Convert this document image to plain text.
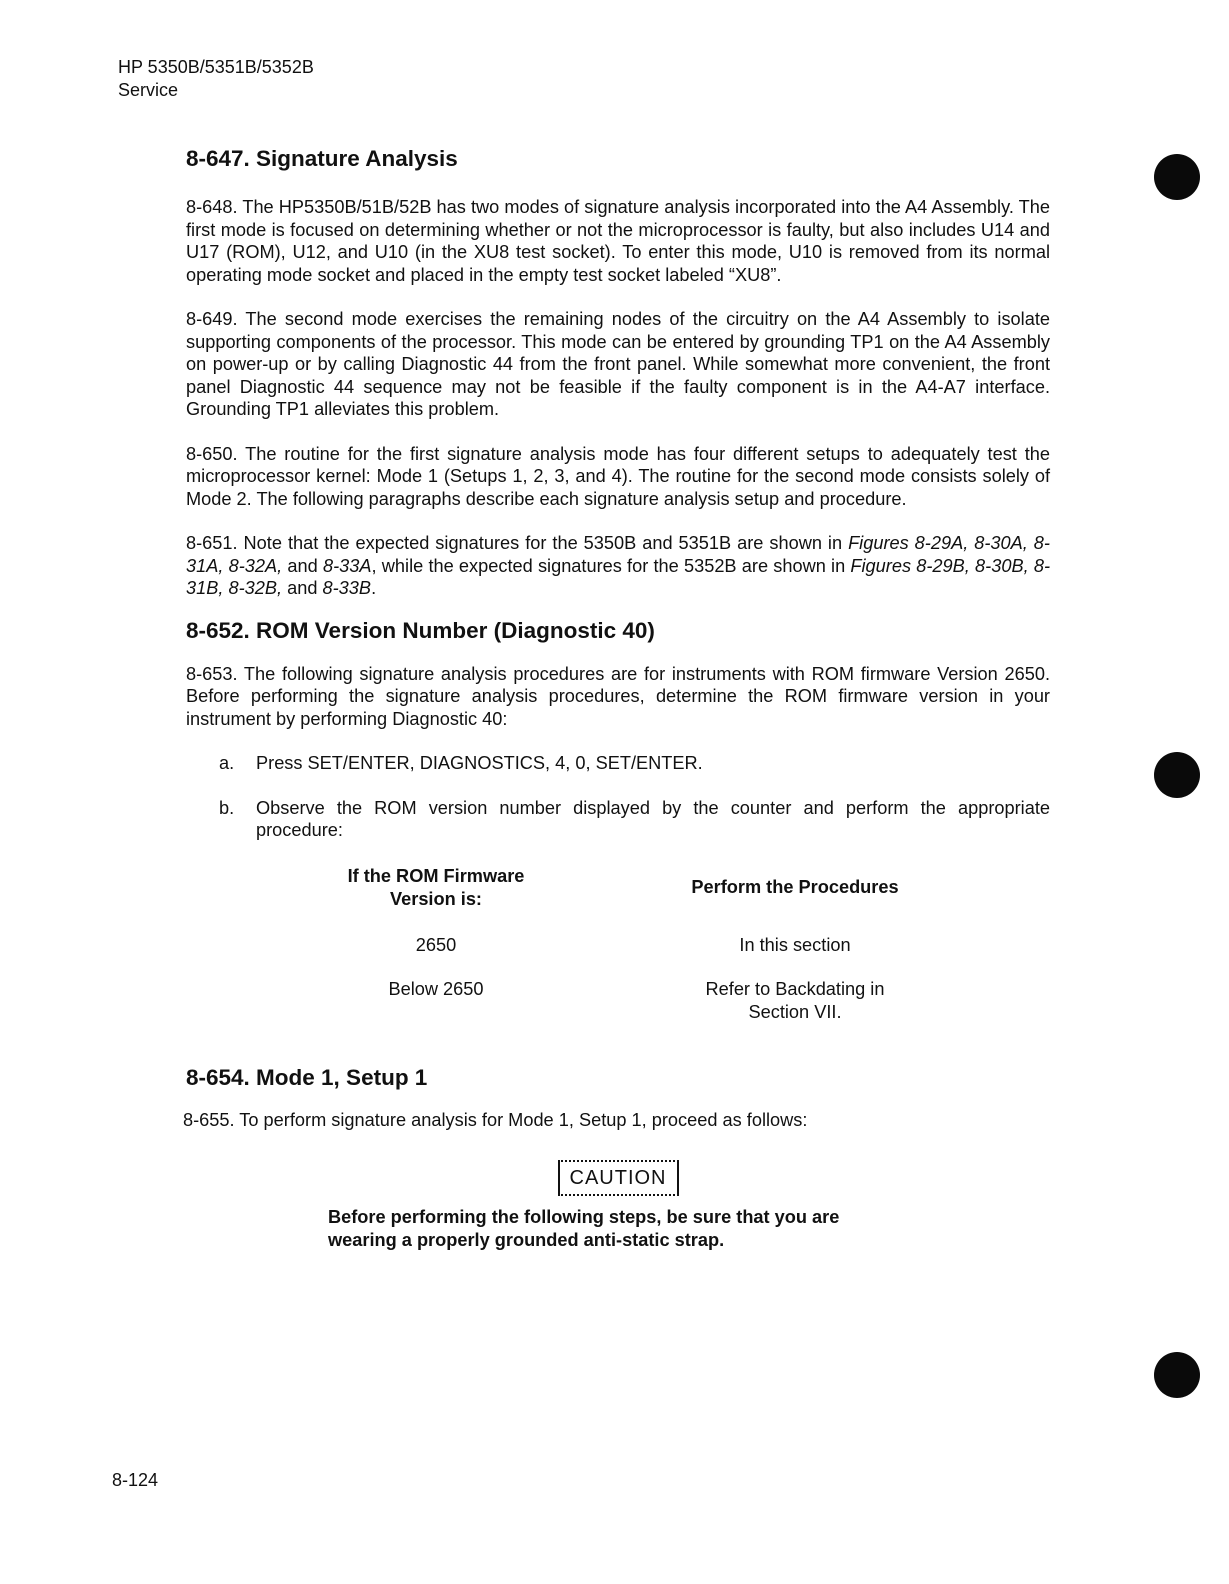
HP 5350B/5351B/5352B
Service
8-647. Signature Analysis

8-648. The HP5350B/51B/52B has two modes of signature analysis incorporated into the A4 Assembly. The first mode is focused on determining whether or not the microprocessor is faulty, but also includes U14 and U17 (ROM), U12, and U10 (in the XU8 test socket). To enter this mode, U10 is removed from its normal operating mode socket and placed in the empty test socket labeled “XU8”.

8-649. The second mode exercises the remaining nodes of the circuitry on the A4 Assembly to isolate supporting components of the processor. This mode can be entered by grounding TP1 on the A4 Assembly on power-up or by calling Diagnostic 44 from the front panel. While somewhat more convenient, the front panel Diagnostic 44 sequence may not be feasible if the faulty component is in the A4-A7 interface. Grounding TP1 alleviates this problem.

8-650. The routine for the first signature analysis mode has four different setups to adequately test the microprocessor kernel: Mode 1 (Setups 1, 2, 3, and 4). The routine for the second mode consists solely of Mode 2. The following paragraphs describe each signature analysis setup and procedure.

8-651. Note that the expected signatures for the 5350B and 5351B are shown in Figures 8-29A, 8-30A, 8-31A, 8-32A, and 8-33A, while the expected signatures for the 5352B are shown in Figures 8-29B, 8-30B, 8-31B, 8-32B, and 8-33B.

8-652. ROM Version Number (Diagnostic 40)

8-653. The following signature analysis procedures are for instruments with ROM firmware Version 2650. Before performing the signature analysis procedures, determine the ROM firmware version in your instrument by performing Diagnostic 40:

a. Press SET/ENTER, DIAGNOSTICS, 4, 0, SET/ENTER.
b. Observe the ROM version number displayed by the counter and perform the appropriate procedure:
If the ROM Firmware
Version is:	Perform the Procedures
2650	In this section

Below 2650	Refer to Backdating in
Section VII.
8-654. Mode 1, Setup 1

8-655. To perform signature analysis for Mode 1, Setup 1, proceed as follows:

CAUTION
Before performing the following steps, be sure that you are wearing a properly grounded anti-static strap.
8-124
